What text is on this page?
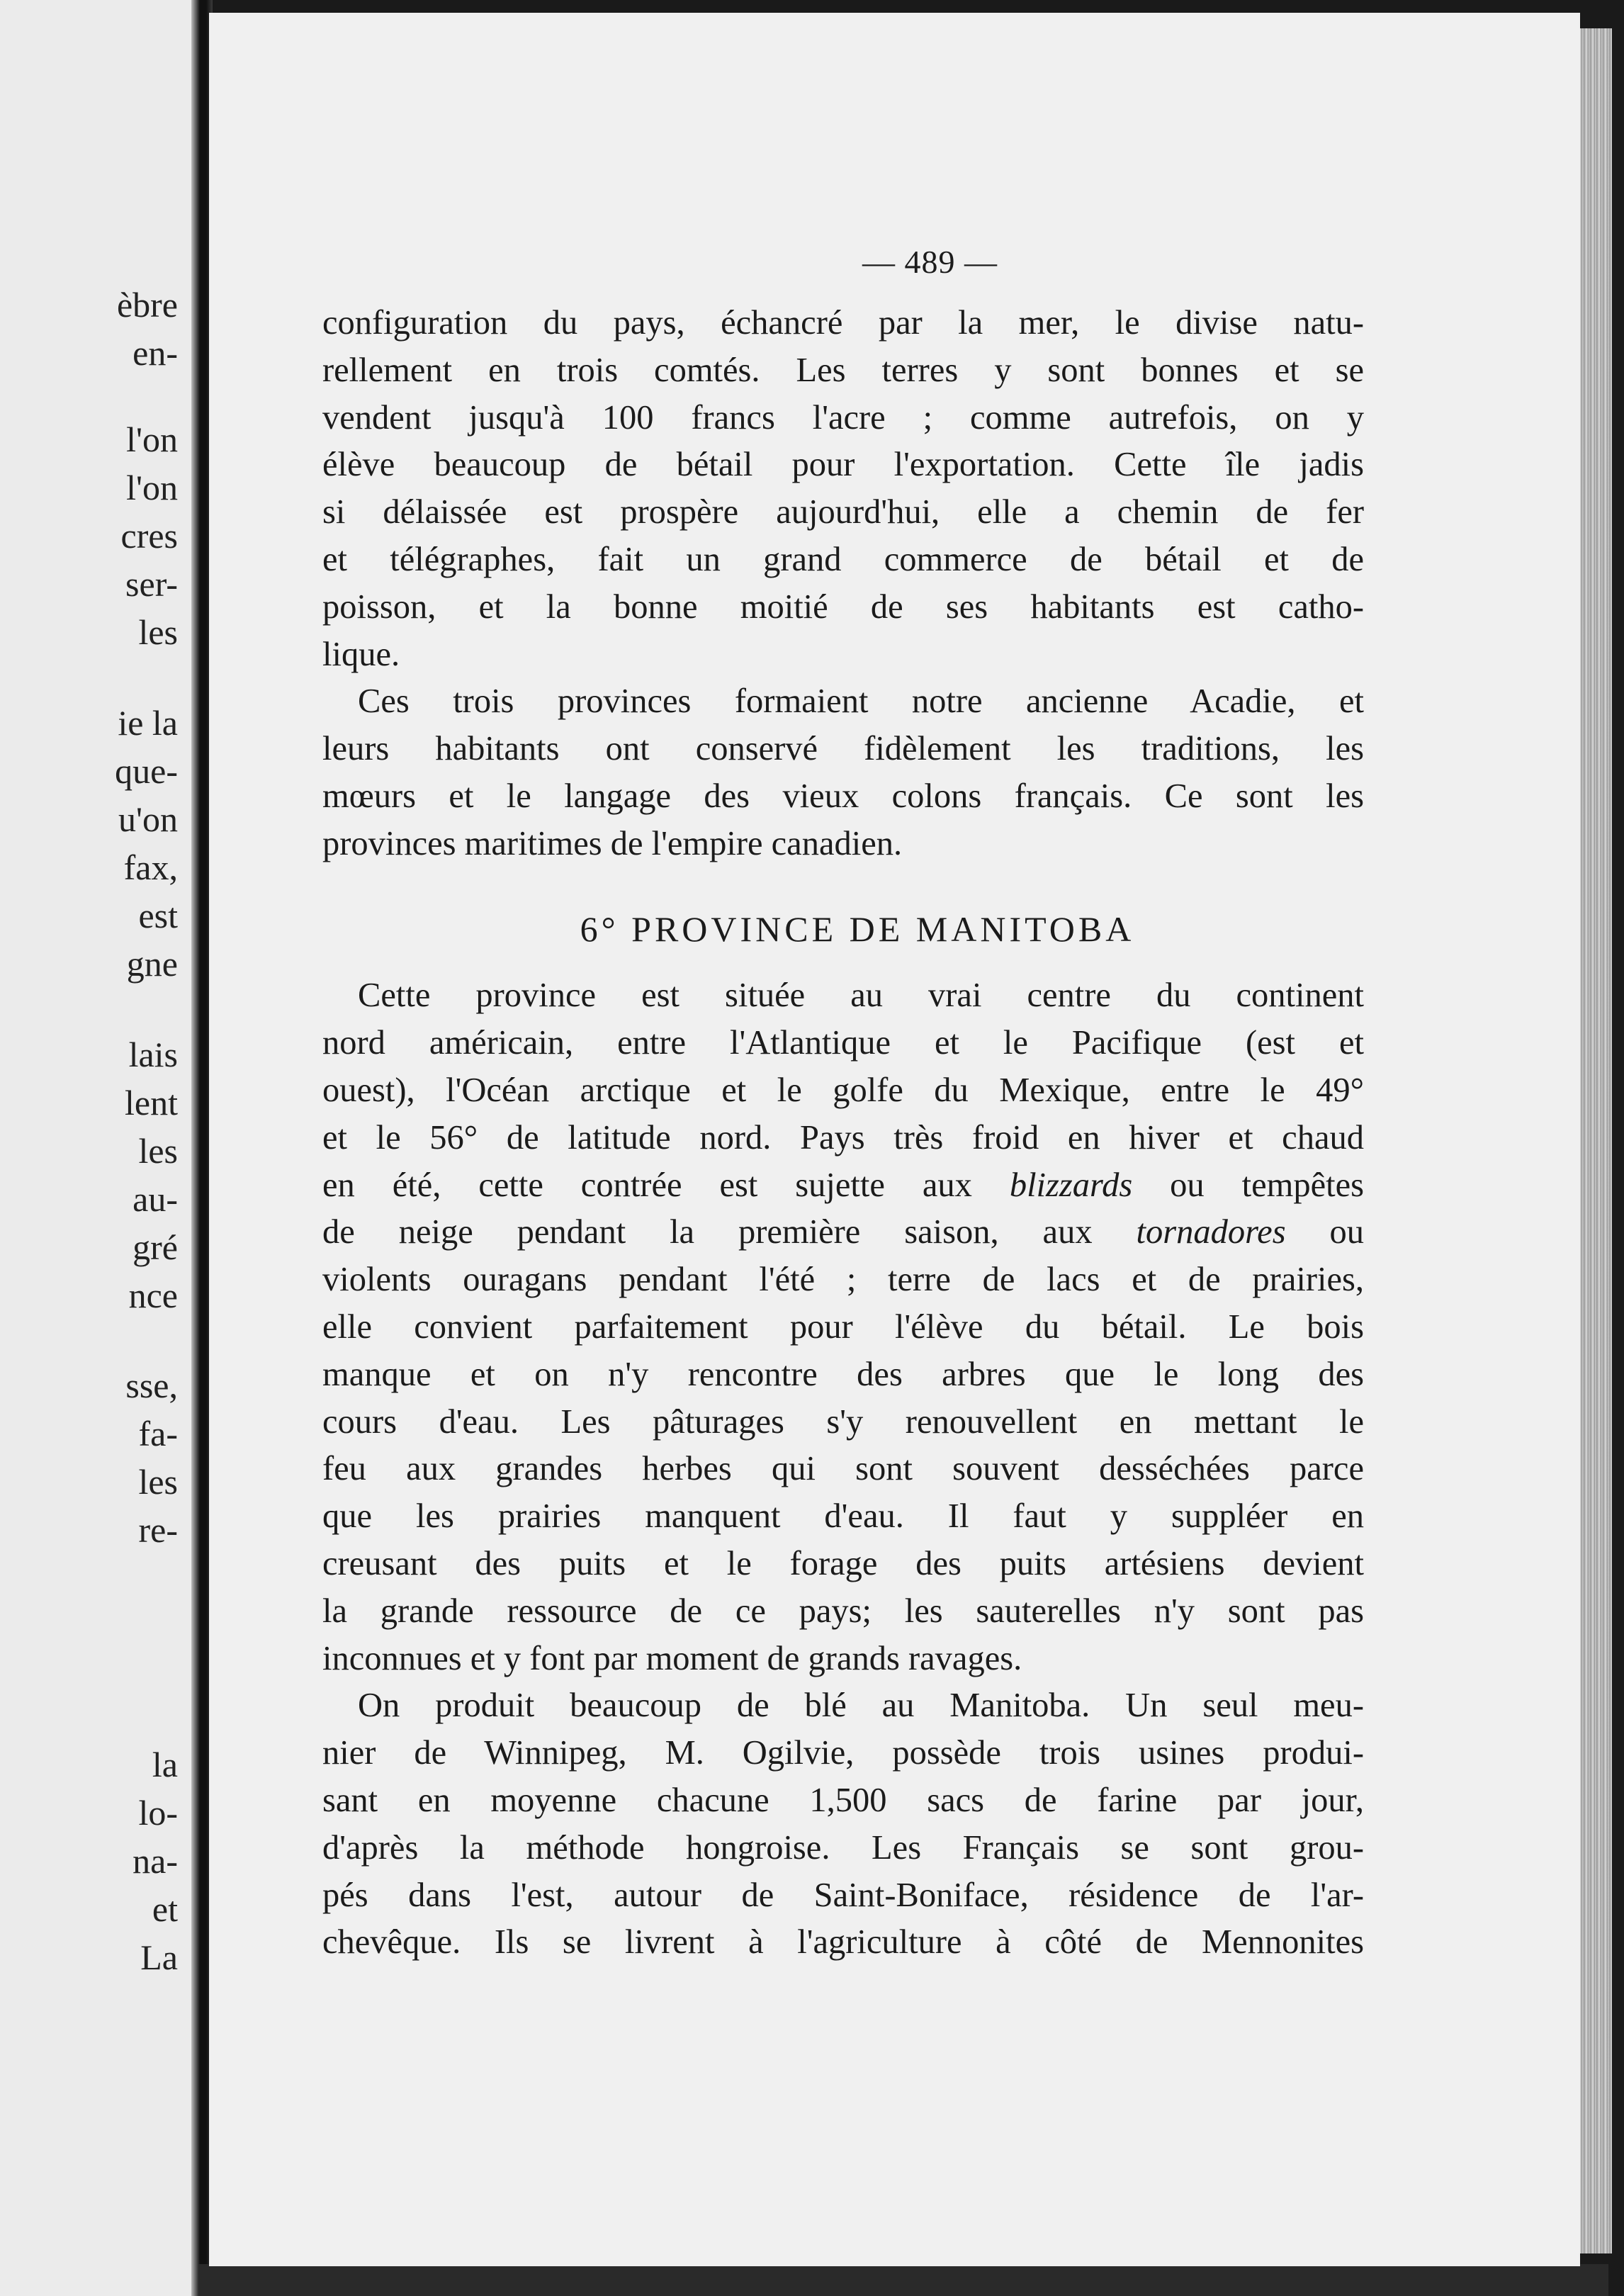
èbre
en-
l'on
l'on
cres
ser-
les
ie la
que-
u'on
fax,
est
gne
lais
lent
les
au-
gré
nce
sse,
fa-
les
re-
la
lo-
na-
et
La
— 489 —
configuration du pays, échancré par la mer, le divise natu-
rellement en trois comtés. Les terres y sont bonnes et se
vendent jusqu'à 100 francs l'acre ; comme autrefois, on y
élève beaucoup de bétail pour l'exportation. Cette île jadis
si délaissée est prospère aujourd'hui, elle a chemin de fer
et télégraphes, fait un grand commerce de bétail et de
poisson, et la bonne moitié de ses habitants est catho-
lique.
Ces trois provinces formaient notre ancienne Acadie, et
leurs habitants ont conservé fidèlement les traditions, les
mœurs et le langage des vieux colons français. Ce sont les
provinces maritimes de l'empire canadien.
6° PROVINCE DE MANITOBA
Cette province est située au vrai centre du continent
nord américain, entre l'Atlantique et le Pacifique (est et
ouest), l'Océan arctique et le golfe du Mexique, entre le 49°
et le 56° de latitude nord. Pays très froid en hiver et chaud
en été, cette contrée est sujette aux blizzards ou tempêtes
de neige pendant la première saison, aux tornadores ou
violents ouragans pendant l'été ; terre de lacs et de prairies,
elle convient parfaitement pour l'élève du bétail. Le bois
manque et on n'y rencontre des arbres que le long des
cours d'eau. Les pâturages s'y renouvellent en mettant le
feu aux grandes herbes qui sont souvent desséchées parce
que les prairies manquent d'eau. Il faut y suppléer en
creusant des puits et le forage des puits artésiens devient
la grande ressource de ce pays; les sauterelles n'y sont pas
inconnues et y font par moment de grands ravages.
On produit beaucoup de blé au Manitoba. Un seul meu-
nier de Winnipeg, M. Ogilvie, possède trois usines produi-
sant en moyenne chacune 1,500 sacs de farine par jour,
d'après la méthode hongroise. Les Français se sont grou-
pés dans l'est, autour de Saint-Boniface, résidence de l'ar-
chevêque. Ils se livrent à l'agriculture à côté de Mennonites
